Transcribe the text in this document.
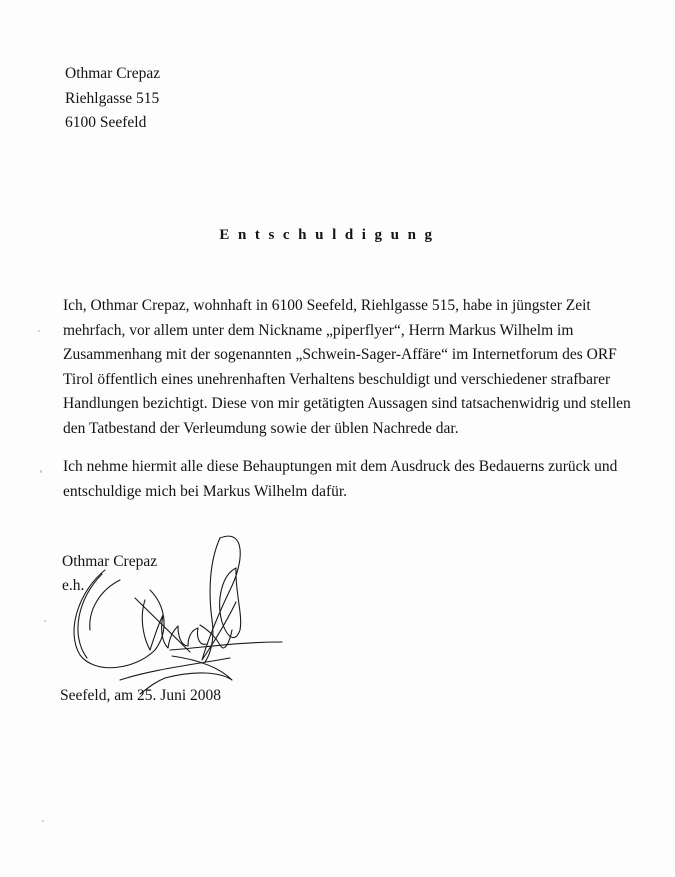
Othmar Crepaz
Riehlgasse 515
6100 Seefeld
Entschuldigung
Ich, Othmar Crepaz, wohnhaft in 6100 Seefeld, Riehlgasse 515, habe in jüngster Zeit
mehrfach, vor allem unter dem Nickname „piperflyer“, Herrn Markus Wilhelm im
Zusammenhang mit der sogenannten „Schwein-Sager-Affäre“ im Internetforum des ORF
Tirol öffentlich eines unehrenhaften Verhaltens beschuldigt und verschiedener strafbarer
Handlungen bezichtigt. Diese von mir getätigten Aussagen sind tatsachenwidrig und stellen
den Tatbestand der Verleumdung sowie der üblen Nachrede dar.
Ich nehme hiermit alle diese Behauptungen mit dem Ausdruck des Bedauerns zurück und
entschuldige mich bei Markus Wilhelm dafür.
Othmar Crepaz
e.h.
Seefeld, am 25. Juni 2008
